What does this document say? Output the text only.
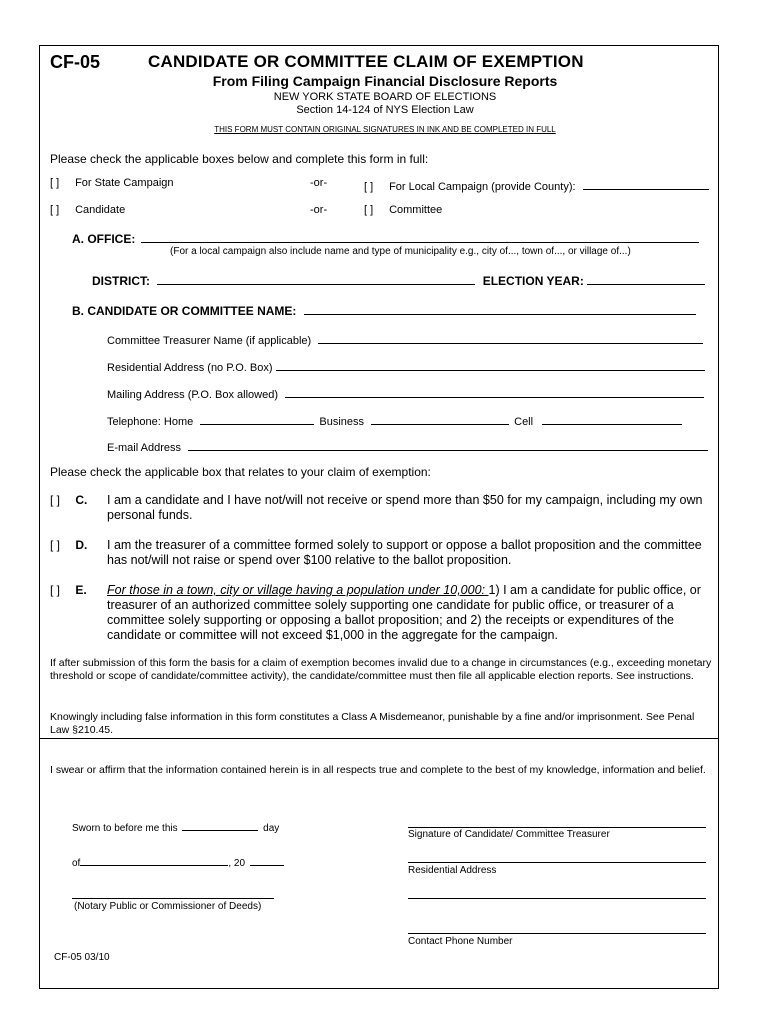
CF-05	CANDIDATE OR COMMITTEE CLAIM OF EXEMPTION
From Filing Campaign Financial Disclosure Reports
NEW YORK STATE BOARD OF ELECTIONS
Section 14-124 of NYS Election Law
THIS FORM MUST CONTAIN ORIGINAL SIGNATURES IN INK AND BE COMPLETED IN FULL
Please check the applicable boxes below and complete this form in full:
[ ] For State Campaign	-or-	[ ] For Local Campaign (provide County):
[ ] Candidate	-or-	[ ] Committee
A. OFFICE:
(For a local campaign also include name and type of municipality e.g., city of..., town of..., or village of...)
DISTRICT:	ELECTION YEAR:
B. CANDIDATE OR COMMITTEE NAME:
Committee Treasurer Name (if applicable)
Residential Address (no P.O. Box)
Mailing Address (P.O. Box allowed)
Telephone: Home	Business	Cell
E-mail Address
Please check the applicable box that relates to your claim of exemption:
[ ] C. I am a candidate and I have not/will not receive or spend more than $50 for my campaign, including my own personal funds.
[ ] D. I am the treasurer of a committee formed solely to support or oppose a ballot proposition and the committee has not/will not raise or spend over $100 relative to the ballot proposition.
[ ] E. For those in a town, city or village having a population under 10,000: 1) I am a candidate for public office, or treasurer of an authorized committee solely supporting one candidate for public office, or treasurer of a committee solely supporting or opposing a ballot proposition; and 2) the receipts or expenditures of the candidate or committee will not exceed $1,000 in the aggregate for the campaign.
If after submission of this form the basis for a claim of exemption becomes invalid due to a change in circumstances (e.g., exceeding monetary threshold or scope of candidate/committee activity), the candidate/committee must then file all applicable election reports. See instructions.
Knowingly including false information in this form constitutes a Class A Misdemeanor, punishable by a fine and/or imprisonment. See Penal Law §210.45.
I swear or affirm that the information contained herein is in all respects true and complete to the best of my knowledge, information and belief.
Sworn to before me this	day
of	, 20
(Notary Public or Commissioner of Deeds)
Signature of Candidate/ Committee Treasurer
Residential Address
Contact Phone Number
CF-05 03/10
